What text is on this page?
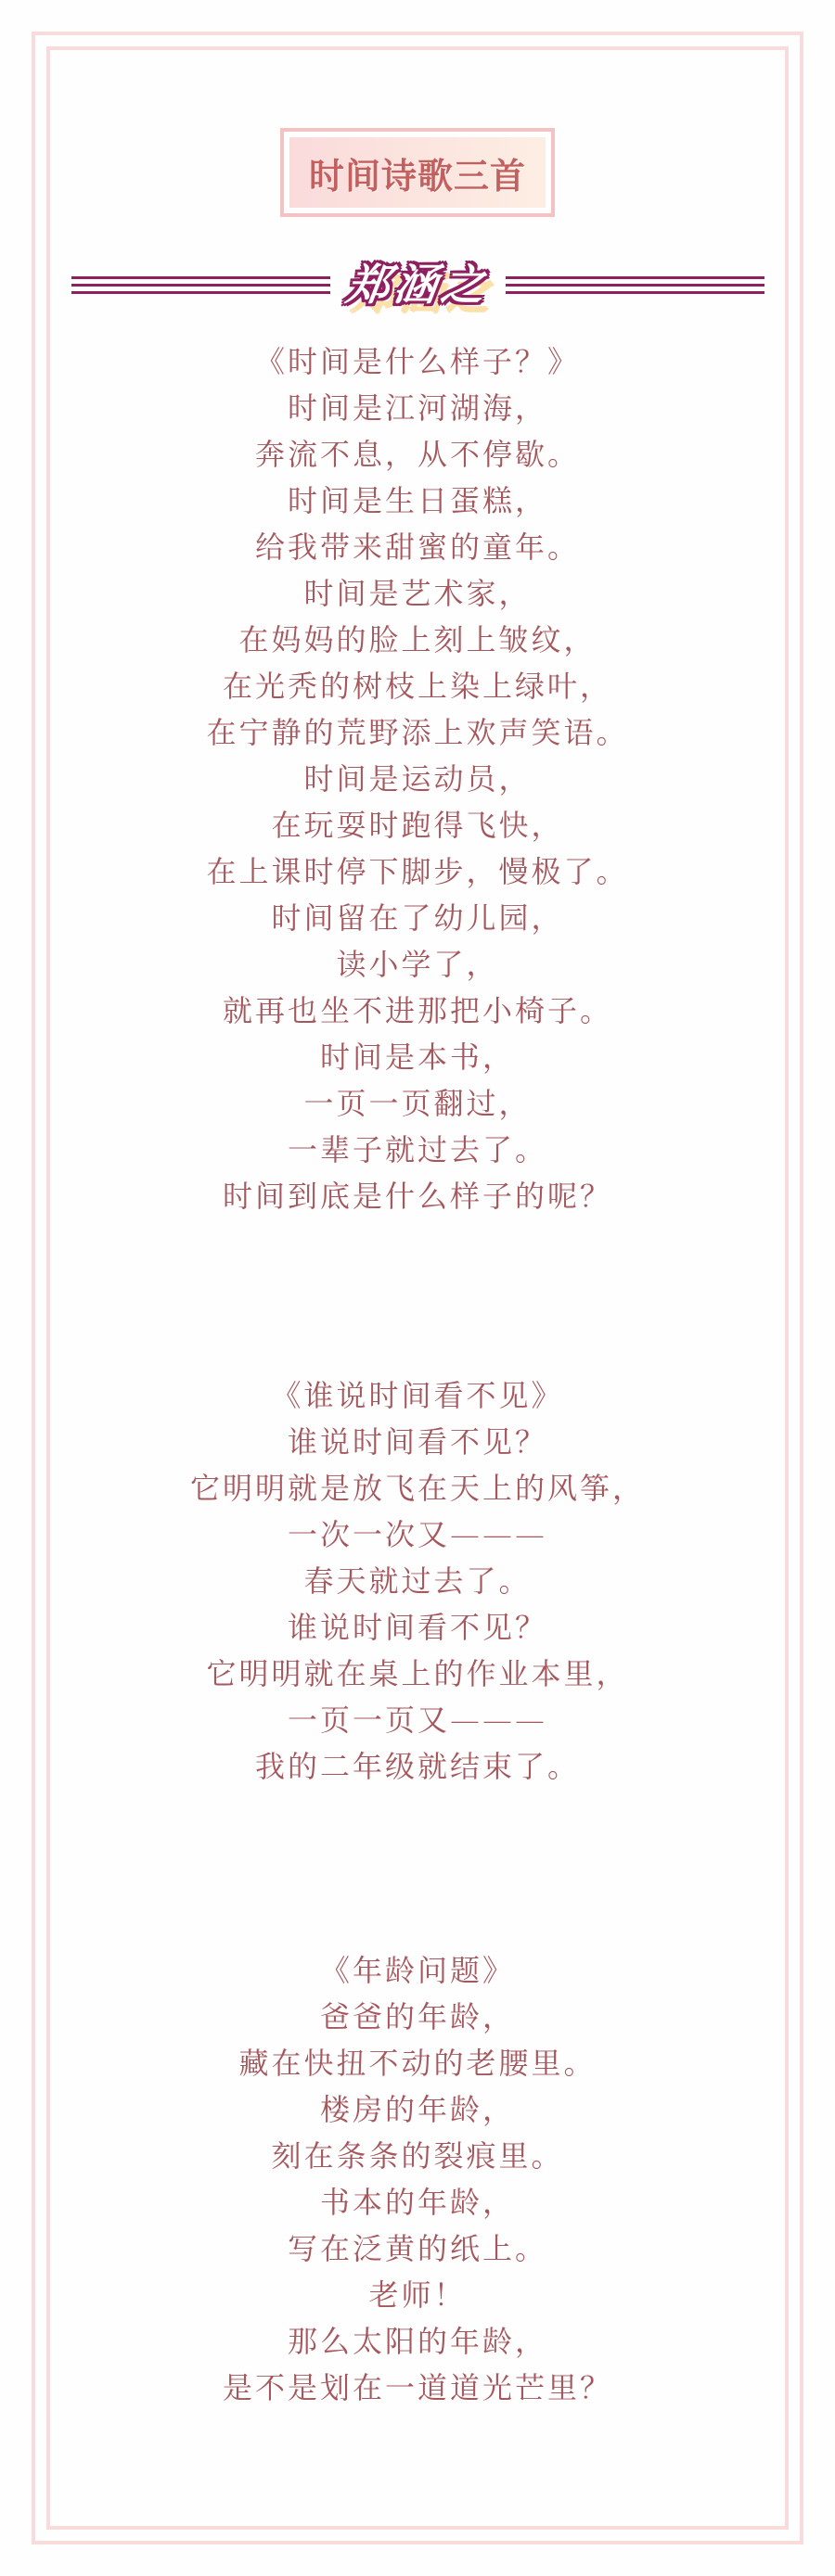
时间诗歌三首
郑涵之
《时间是什么样子？》
时间是江河湖海，
奔流不息，从不停歇。
时间是生日蛋糕，
给我带来甜蜜的童年。
时间是艺术家，
在妈妈的脸上刻上皱纹，
在光秃的树枝上染上绿叶，
在宁静的荒野添上欢声笑语。
时间是运动员，
在玩耍时跑得飞快，
在上课时停下脚步，慢极了。
时间留在了幼儿园，
读小学了，
就再也坐不进那把小椅子。
时间是本书，
一页一页翻过，
一辈子就过去了。
时间到底是什么样子的呢？
《谁说时间看不见》
谁说时间看不见？
它明明就是放飞在天上的风筝，
一次一次又———
春天就过去了。
谁说时间看不见？
它明明就在桌上的作业本里，
一页一页又———
我的二年级就结束了。
《年龄问题》
爸爸的年龄，
藏在快扭不动的老腰里。
楼房的年龄，
刻在条条的裂痕里。
书本的年龄，
写在泛黄的纸上。
老师！
那么太阳的年龄，
是不是划在一道道光芒里？
